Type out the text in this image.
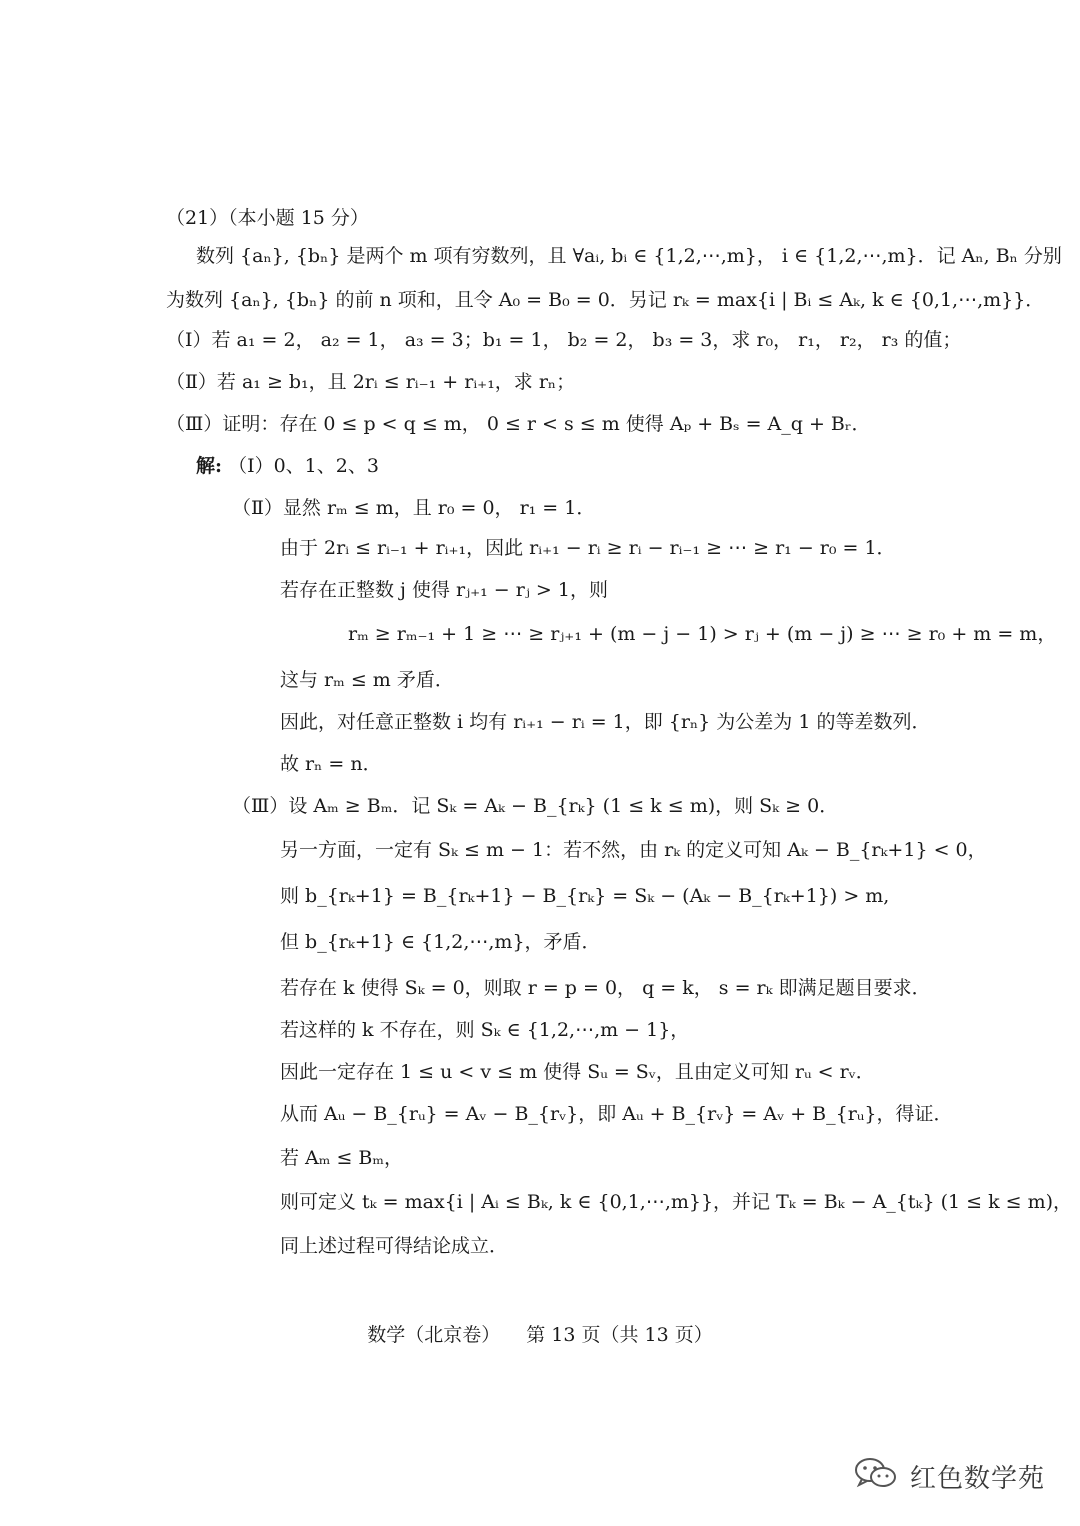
（21）（本小题 15 分）
数列 {aₙ}, {bₙ} 是两个 m 项有穷数列，且 ∀aᵢ, bᵢ ∈ {1,2,⋯,m}， i ∈ {1,2,⋯,m}．记 Aₙ, Bₙ 分别
为数列 {aₙ}, {bₙ} 的前 n 项和，且令 A₀ = B₀ = 0．另记 rₖ = max{i | Bᵢ ≤ Aₖ, k ∈ {0,1,⋯,m}}．
（Ⅰ）若 a₁ = 2， a₂ = 1， a₃ = 3；b₁ = 1， b₂ = 2， b₃ = 3，求 r₀， r₁， r₂， r₃ 的值；
（Ⅱ）若 a₁ ≥ b₁，且 2rᵢ ≤ rᵢ₋₁ + rᵢ₊₁，求 rₙ；
（Ⅲ）证明：存在 0 ≤ p < q ≤ m， 0 ≤ r < s ≤ m 使得 Aₚ + Bₛ = A_q + Bᵣ．
解: （Ⅰ）0、1、2、3
（Ⅱ）显然 rₘ ≤ m，且 r₀ = 0， r₁ = 1．
由于 2rᵢ ≤ rᵢ₋₁ + rᵢ₊₁，因此 rᵢ₊₁ − rᵢ ≥ rᵢ − rᵢ₋₁ ≥ ⋯ ≥ r₁ − r₀ = 1．
若存在正整数 j 使得 rⱼ₊₁ − rⱼ > 1，则
rₘ ≥ rₘ₋₁ + 1 ≥ ⋯ ≥ rⱼ₊₁ + (m − j − 1) > rⱼ + (m − j) ≥ ⋯ ≥ r₀ + m = m，
这与 rₘ ≤ m 矛盾．
因此，对任意正整数 i 均有 rᵢ₊₁ − rᵢ = 1，即 {rₙ} 为公差为 1 的等差数列．
故 rₙ = n．
（Ⅲ）设 Aₘ ≥ Bₘ．记 Sₖ = Aₖ − B_{rₖ} (1 ≤ k ≤ m)，则 Sₖ ≥ 0．
另一方面，一定有 Sₖ ≤ m − 1：若不然，由 rₖ 的定义可知 Aₖ − B_{rₖ+1} < 0，
则 b_{rₖ+1} = B_{rₖ+1} − B_{rₖ} = Sₖ − (Aₖ − B_{rₖ+1}) > m,
但 b_{rₖ+1} ∈ {1,2,⋯,m}，矛盾．
若存在 k 使得 Sₖ = 0，则取 r = p = 0， q = k， s = rₖ 即满足题目要求．
若这样的 k 不存在，则 Sₖ ∈ {1,2,⋯,m − 1}，
因此一定存在 1 ≤ u < v ≤ m 使得 Sᵤ = Sᵥ，且由定义可知 rᵤ < rᵥ．
从而 Aᵤ − B_{rᵤ} = Aᵥ − B_{rᵥ}，即 Aᵤ + B_{rᵥ} = Aᵥ + B_{rᵤ}，得证．
若 Aₘ ≤ Bₘ，
则可定义 tₖ = max{i | Aᵢ ≤ Bₖ, k ∈ {0,1,⋯,m}}，并记 Tₖ = Bₖ − A_{tₖ} (1 ≤ k ≤ m)，
同上述过程可得结论成立．
数学（北京卷） 第 13 页（共 13 页）
红色数学苑
